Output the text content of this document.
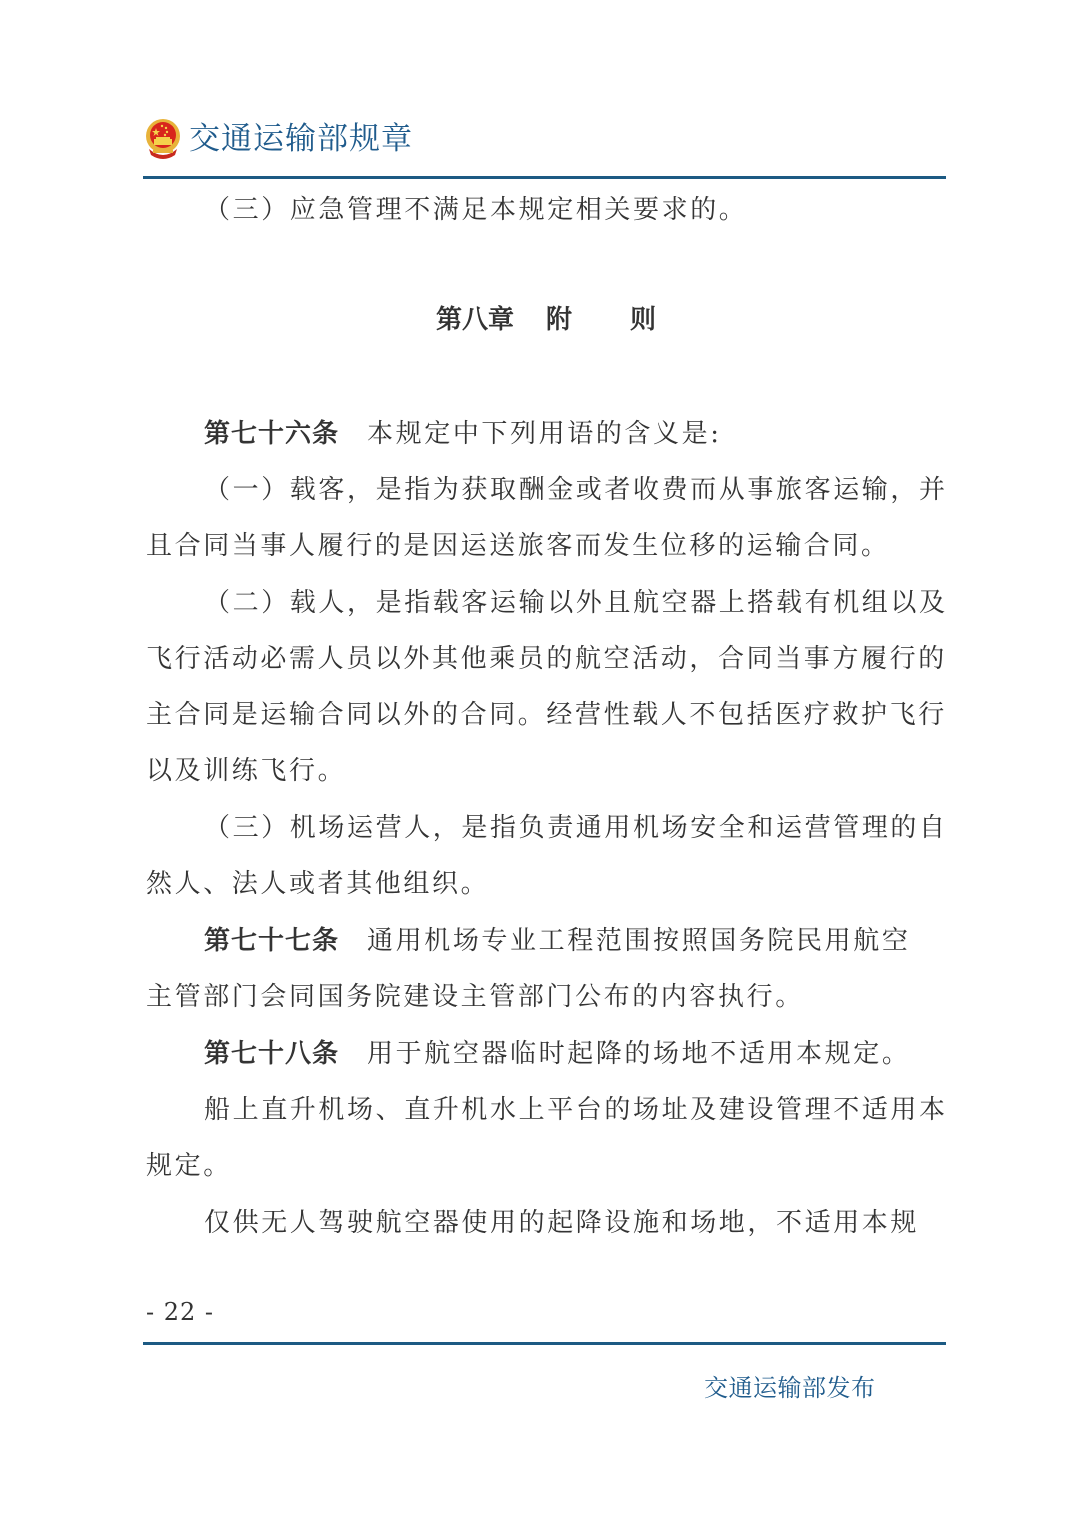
交通运输部规章
（三）应急管理不满足本规定相关要求的。
第八章 附 则
第七十六条 本规定中下列用语的含义是:
（一）载客，是指为获取酬金或者收费而从事旅客运输，并
且合同当事人履行的是因运送旅客而发生位移的运输合同。
（二）载人，是指载客运输以外且航空器上搭载有机组以及
飞行活动必需人员以外其他乘员的航空活动，合同当事方履行的
主合同是运输合同以外的合同。经营性载人不包括医疗救护飞行
以及训练飞行。
（三）机场运营人，是指负责通用机场安全和运营管理的自
然人、法人或者其他组织。
第七十七条 通用机场专业工程范围按照国务院民用航空
主管部门会同国务院建设主管部门公布的内容执行。
第七十八条 用于航空器临时起降的场地不适用本规定。
船上直升机场、直升机水上平台的场址及建设管理不适用本
规定。
仅供无人驾驶航空器使用的起降设施和场地，不适用本规
- 22 -
交通运输部发布
